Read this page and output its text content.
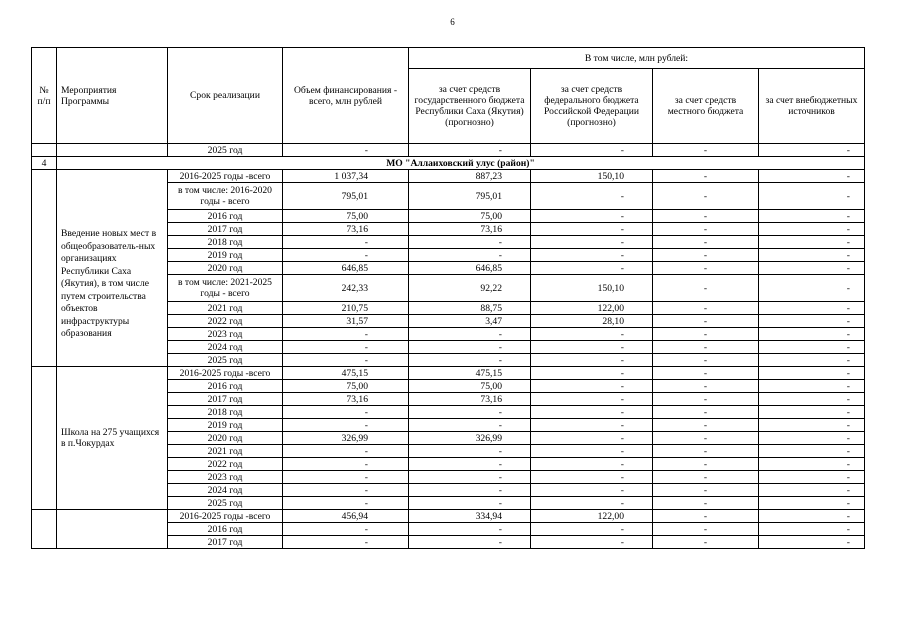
6
№ п/п	Мероприятия Программы	Срок реализации	Объем финансирования - всего, млн рублей	В том числе, млн рублей:			
				за счет средств государственного бюджета Республики Саха (Якутия) (прогнозно)	за счет средств федерального бюджета Российской Федерации (прогнозно)	за счет средств местного бюджета	за счет внебюджетных источников
		2025 год	-	-	-	-	-
4	МО "Аллаиховский улус (район)"						
	Введение новых мест в общеобразователь-ных организациях Республики Саха (Якутия), в том числе путем строительства объектов инфраструктуры образования	2016-2025 годы -всего	1 037,34	887,23	150,10	-	-
		в том числе: 2016-2020 годы - всего	795,01	795,01	-	-	-
		2016 год	75,00	75,00	-	-	-
		2017 год	73,16	73,16	-	-	-
		2018 год	-	-	-	-	-
		2019 год	-	-	-	-	-
		2020 год	646,85	646,85	-	-	-
		в том числе: 2021-2025 годы - всего	242,33	92,22	150,10	-	-
		2021 год	210,75	88,75	122,00	-	-
		2022 год	31,57	3,47	28,10	-	-
		2023 год	-	-	-	-	-
		2024 год	-	-	-	-	-
		2025 год	-	-	-	-	-
	Школа на 275 учащихся в п.Чокурдах	2016-2025 годы -всего	475,15	475,15	-	-	-
		2016 год	75,00	75,00	-	-	-
		2017 год	73,16	73,16	-	-	-
		2018 год	-	-	-	-	-
		2019 год	-	-	-	-	-
		2020 год	326,99	326,99	-	-	-
		2021 год	-	-	-	-	-
		2022 год	-	-	-	-	-
		2023 год	-	-	-	-	-
		2024 год	-	-	-	-	-
		2025 год	-	-	-	-	-
		2016-2025 годы -всего	456,94	334,94	122,00	-	-
		2016 год	-	-	-	-	-
		2017 год	-	-	-	-	-
